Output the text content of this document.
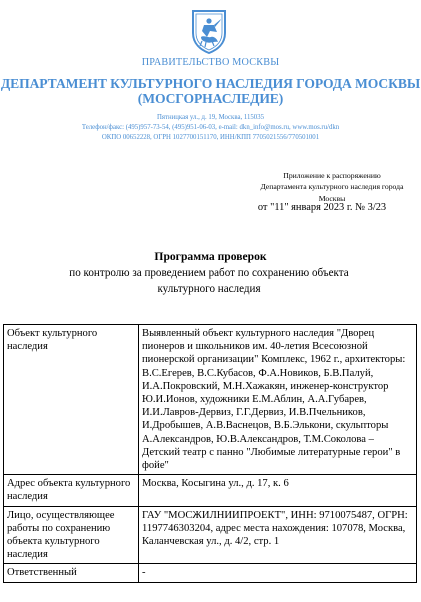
ПРАВИТЕЛЬСТВО МОСКВЫ
ДЕПАРТАМЕНТ КУЛЬТУРНОГО НАСЛЕДИЯ ГОРОДА МОСКВЫ
(МОСГОРНАСЛЕДИЕ)
Пятницкая ул., д. 19, Москва, 115035
Телефон/факс: (495)957-73-54, (495)951-06-03, e-mail: dkn_info@mos.ru, www.mos.ru/dkn
ОКПО 00652228, ОГРН 1027700151170, ИНН/КПП 7705021556/770501001
Приложение к распоряжению
Департамента культурного наследия города
Москвы
от "11" января 2023 г. № 3/23
Программа проверок
по контролю за проведением работ по сохранению объекта культурного наследия
Объект культурного наследия	Выявленный объект культурного наследия "Дворец пионеров и школьников им. 40-летия Всесоюзной пионерской организации" Комплекс, 1962 г., архитекторы: В.С.Егерев, В.С.Кубасов, Ф.А.Новиков, Б.В.Палуй, И.А.Покровский, М.Н.Хажакян, инженер-конструктор Ю.И.Ионов, художники Е.М.Аблин, А.А.Губарев, И.И.Лавров-Дервиз, Г.Г.Дервиз, И.В.Пчельников, И.Дробышев, А.В.Васнецов, В.Б.Элькони, скульпторы А.Александров, Ю.В.Александров, Т.М.Соколова – Детский театр с панно "Любимые литературные герои" в фойе"
Адрес объекта культурного наследия	Москва, Косыгина ул., д. 17, к. 6
Лицо, осуществляющее работы по сохранению объекта культурного наследия	ГАУ "МОСЖИЛНИИПРОЕКТ", ИНН: 9710075487, ОГРН: 1197746303204, адрес места нахождения: 107078, Москва, Каланчевская ул., д. 4/2, стр. 1
Ответственный	-
